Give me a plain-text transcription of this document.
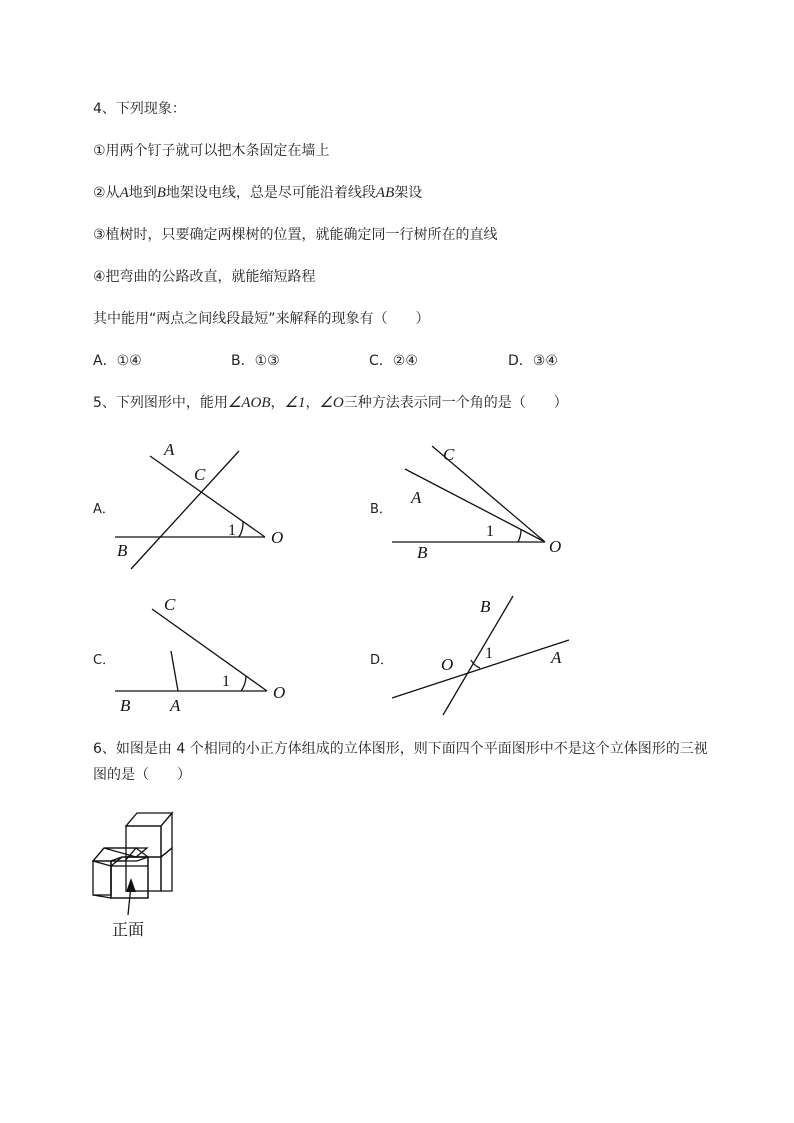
4、下列现象：
①用两个钉子就可以把木条固定在墙上
②从A地到B地架设电线，总是尽可能沿着线段AB架设
③植树时，只要确定两棵树的位置，就能确定同一行树所在的直线
④把弯曲的公路改直，就能缩短路程
其中能用“两点之间线段最短”来解释的现象有（　　）
A．①④	B．①③	C．②④	D．③④
5、下列图形中，能用∠AOB，∠1，∠O三种方法表示同一个角的是（　　）
A．	B．
C．	D．
6、如图是由 4 个相同的小正方体组成的立体图形，则下面四个平面图形中不是这个立体图形的三视
图的是（　　）
A
C
B
O
1
C
A
B	O
1
C
B A
O
1
B
O	A
1
正面
